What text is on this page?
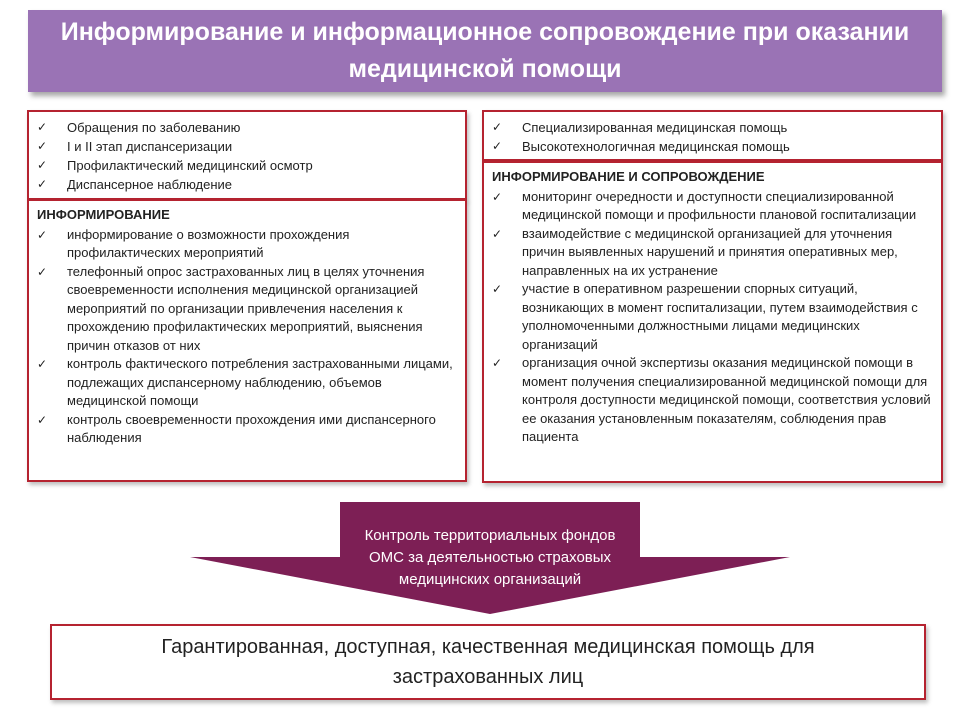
Информирование и информационное сопровождение при оказании медицинской помощи
✓ Обращения по заболеванию
✓ I и II этап диспансеризации
✓ Профилактический медицинский осмотр
✓ Диспансерное наблюдение
ИНФОРМИРОВАНИЕ
✓ информирование о возможности прохождения профилактических мероприятий
✓ телефонный опрос застрахованных лиц в целях уточнения своевременности исполнения медицинской организацией мероприятий по организации привлечения населения к прохождению профилактических мероприятий, выяснения причин отказов от них
✓ контроль фактического потребления застрахованными лицами, подлежащих диспансерному наблюдению, объемов медицинской помощи
✓ контроль своевременности прохождения ими диспансерного наблюдения
✓ Специализированная медицинская помощь
✓ Высокотехнологичная медицинская помощь
ИНФОРМИРОВАНИЕ И СОПРОВОЖДЕНИЕ
✓ мониторинг очередности и доступности специализированной медицинской помощи и профильности плановой госпитализации
✓ взаимодействие с медицинской организацией для уточнения причин выявленных нарушений и принятия оперативных мер, направленных на их устранение
✓ участие в оперативном разрешении спорных ситуаций, возникающих в момент госпитализации, путем взаимодействия с уполномоченными должностными лицами медицинских организаций
✓ организация очной экспертизы оказания медицинской помощи в момент получения специализированной медицинской помощи для контроля доступности медицинской помощи, соответствия условий ее оказания установленным показателям, соблюдения прав пациента
Контроль территориальных фондов ОМС за деятельностью страховых медицинских организаций
Гарантированная, доступная, качественная медицинская помощь для застрахованных лиц
